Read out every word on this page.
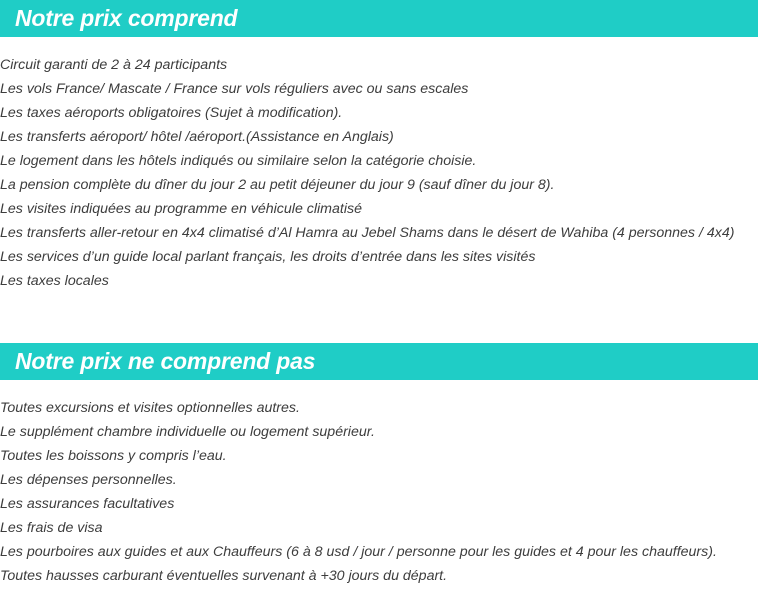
Notre prix comprend
Circuit garanti de 2 à 24 participants
Les vols France/ Mascate / France sur vols réguliers avec ou sans escales
Les taxes aéroports obligatoires (Sujet à modification).
Les transferts aéroport/ hôtel /aéroport.(Assistance en Anglais)
Le logement dans les hôtels indiqués ou similaire selon la catégorie choisie.
La pension complète du dîner du jour 2 au petit déjeuner du jour 9 (sauf dîner du jour 8).
Les visites indiquées au programme en véhicule climatisé
Les transferts aller-retour en 4x4 climatisé d’Al Hamra au Jebel Shams dans le désert de Wahiba (4 personnes / 4x4)
Les services d’un guide local parlant français, les droits d’entrée dans les sites visités
Les taxes locales
Notre prix ne comprend pas
Toutes excursions et visites optionnelles autres.
Le supplément chambre individuelle ou logement supérieur.
Toutes les boissons y compris l’eau.
Les dépenses personnelles.
Les assurances facultatives
Les frais de visa
Les pourboires aux guides et aux Chauffeurs (6 à 8 usd / jour / personne pour les guides et 4 pour les chauffeurs).
Toutes hausses carburant éventuelles survenant à +30 jours du départ.
